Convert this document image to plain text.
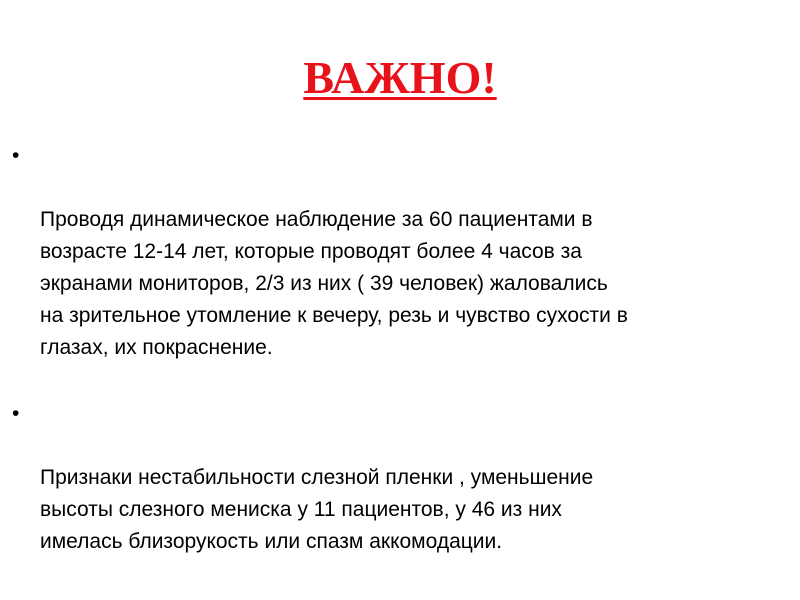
ВАЖНО!

•

Проводя динамическое наблюдение за 60 пациентами в
возрасте 12-14 лет, которые проводят более 4 часов за
экранами мониторов, 2/3 из них ( 39 человек) жаловались
на зрительное утомление к вечеру, резь и чувство сухости в
глазах, их покраснение.

•

Признаки нестабильности слезной пленки , уменьшение
высоты слезного мениска у 11 пациентов, у 46 из них
имелась близорукость или спазм аккомодации.
